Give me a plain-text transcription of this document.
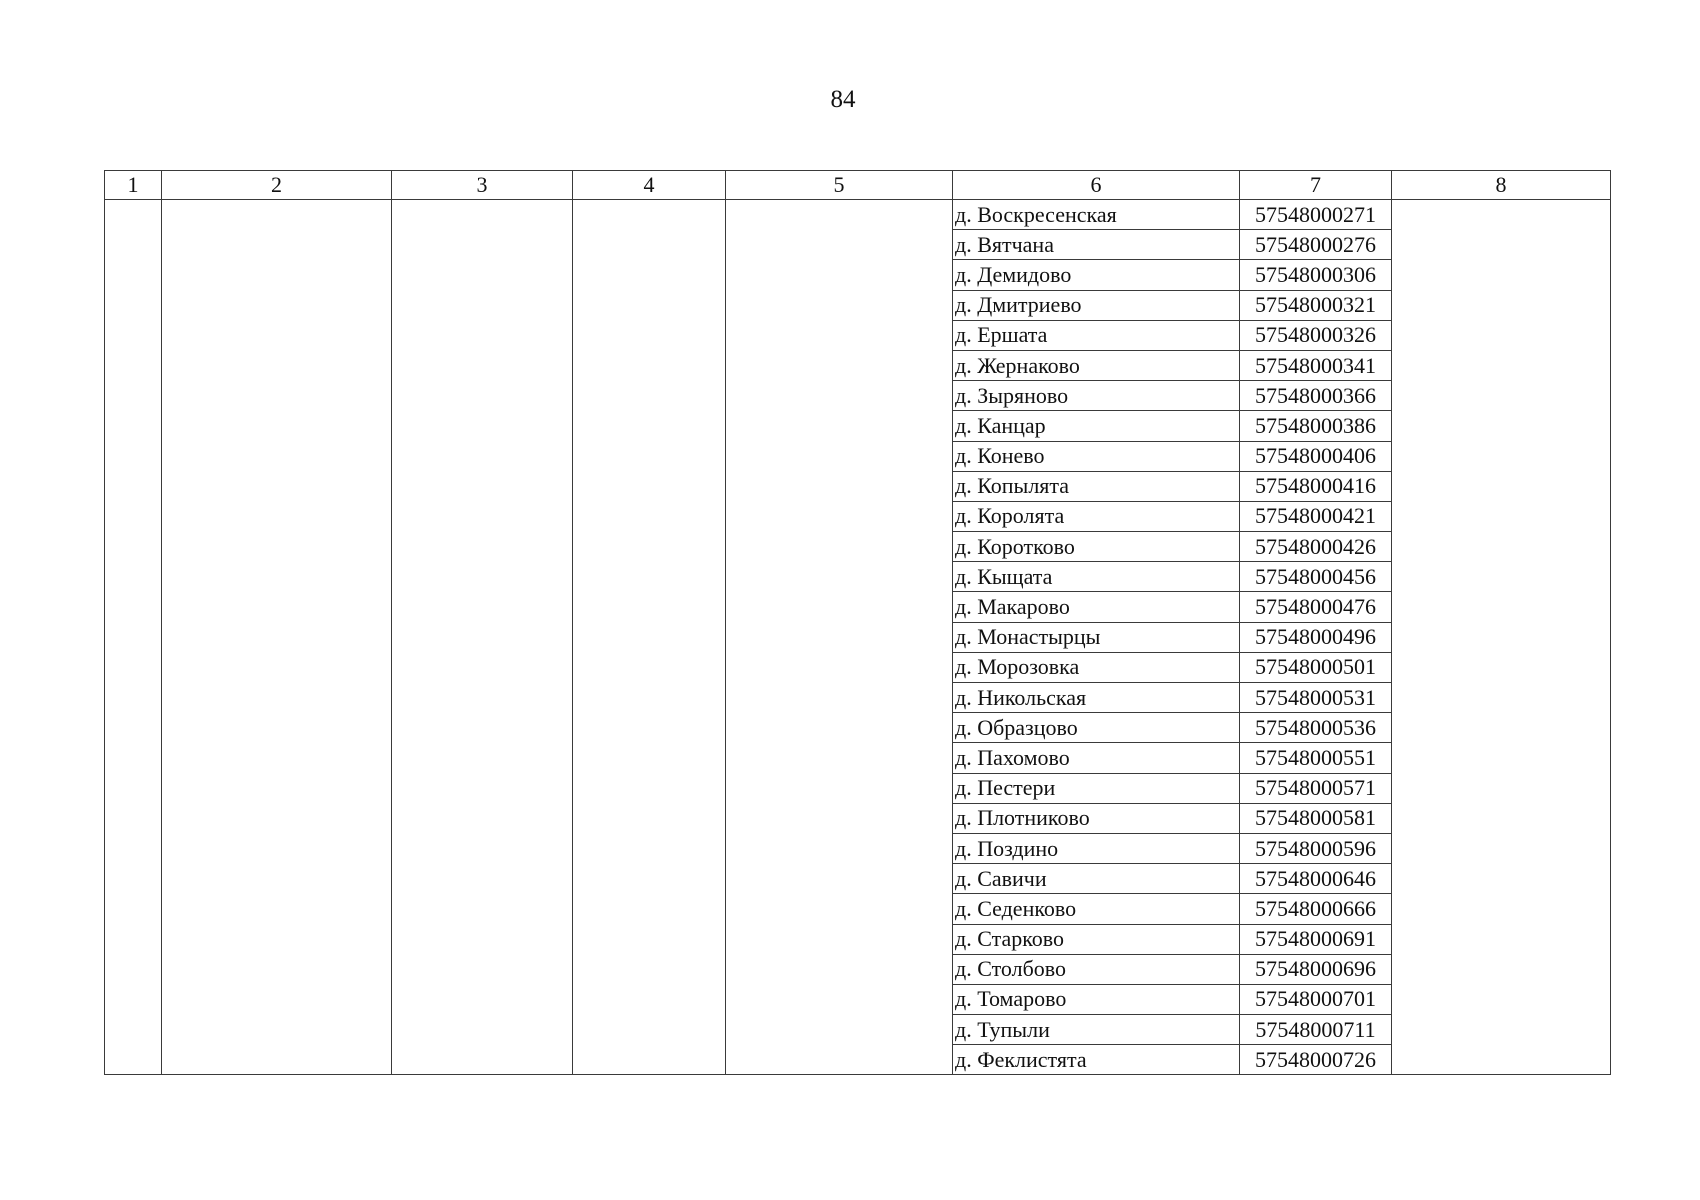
84
1	2	3	4	5	6	7	8
					д. Воскресенская	57548000271	
					д. Вятчана	57548000276	
					д. Демидово	57548000306	
					д. Дмитриево	57548000321	
					д. Ершата	57548000326	
					д. Жернаково	57548000341	
					д. Зыряново	57548000366	
					д. Канцар	57548000386	
					д. Конево	57548000406	
					д. Копылята	57548000416	
					д. Королята	57548000421	
					д. Коротково	57548000426	
					д. Кыщата	57548000456	
					д. Макарово	57548000476	
					д. Монастырцы	57548000496	
					д. Морозовка	57548000501	
					д. Никольская	57548000531	
					д. Образцово	57548000536	
					д. Пахомово	57548000551	
					д. Пестери	57548000571	
					д. Плотниково	57548000581	
					д. Поздино	57548000596	
					д. Савичи	57548000646	
					д. Седенково	57548000666	
					д. Старково	57548000691	
					д. Столбово	57548000696	
					д. Томарово	57548000701	
					д. Тупыли	57548000711	
					д. Феклистята	57548000726	
